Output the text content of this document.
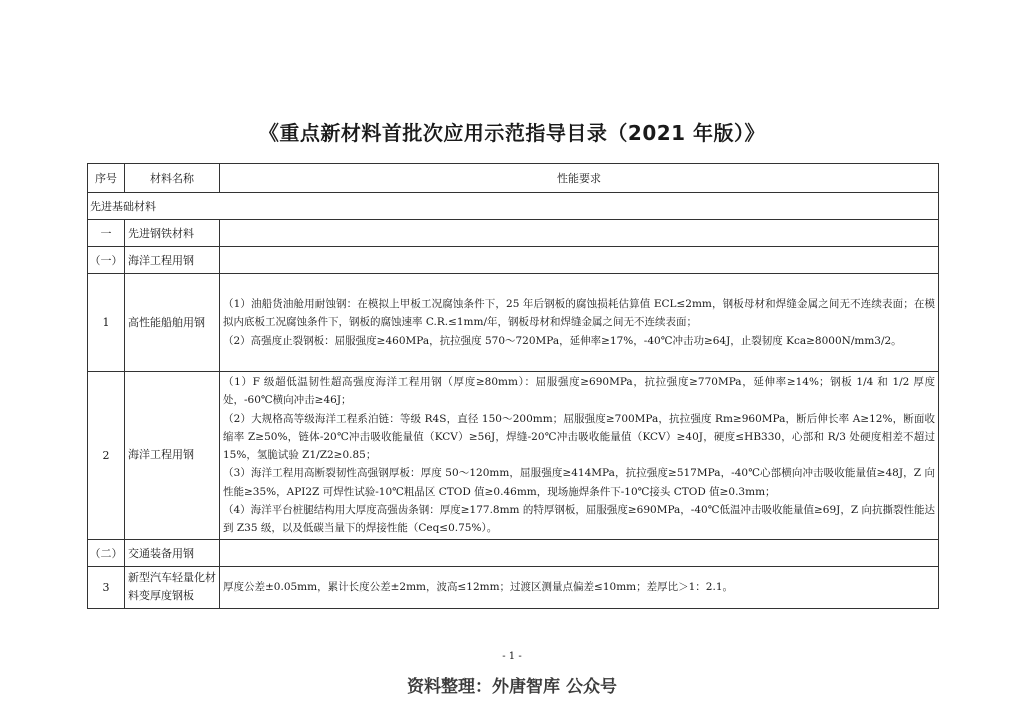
《重点新材料首批次应用示范指导目录（2021 年版）》
序号	材料名称	性能要求
先进基础材料		
一	先进钢铁材料	
（一）	海洋工程用钢	
1	高性能船舶用钢	（1）油船货油舱用耐蚀钢：在模拟上甲板工况腐蚀条件下，25 年后钢板的腐蚀损耗估算值 ECL≤2mm，钢板母材和焊缝金属之间无不连续表面；在模拟内底板工况腐蚀条件下，钢板的腐蚀速率 C.R.≤1mm/年，钢板母材和焊缝金属之间无不连续表面；
（2）高强度止裂钢板：屈服强度≥460MPa，抗拉强度 570～720MPa，延伸率≥17%，-40℃冲击功≥64J，止裂韧度 Kca≥8000N/mm3/2。

2	海洋工程用钢	（1）F 级超低温韧性超高强度海洋工程用钢（厚度≥80mm）：屈服强度≥690MPa，抗拉强度≥770MPa，延伸率≥14%；钢板 1/4 和 1/2 厚度处，-60℃横向冲击≥46J；
（2）大规格高等级海洋工程系泊链：等级 R4S，直径 150～200mm；屈服强度≥700MPa，抗拉强度 Rm≥960MPa，断后伸长率 A≥12%，断面收缩率 Z≥50%，链体-20℃冲击吸收能量值（KCV）≥56J，焊缝-20℃冲击吸收能量值（KCV）≥40J，硬度≤HB330，心部和 R/3 处硬度相差不超过 15%，氢脆试验 Z1/Z2≥0.85；
（3）海洋工程用高断裂韧性高强钢厚板：厚度 50～120mm，屈服强度≥414MPa，抗拉强度≥517MPa，-40℃心部横向冲击吸收能量值≥48J，Z 向性能≥35%，API2Z 可焊性试验-10℃粗晶区 CTOD 值≥0.46mm，现场施焊条件下-10℃接头 CTOD 值≥0.3mm；
（4）海洋平台桩腿结构用大厚度高强齿条钢：厚度≥177.8mm 的特厚钢板，屈服强度≥690MPa，-40℃低温冲击吸收能量值≥69J，Z 向抗撕裂性能达到 Z35 级，以及低碳当量下的焊接性能（Ceq≤0.75%）。

（二）	交通装备用钢	
3	新型汽车轻量化材料变厚度钢板	厚度公差±0.05mm，累计长度公差±2mm，波高≤12mm；过渡区测量点偏差≤10mm；差厚比＞1：2.1。
- 1 -
资料整理：外唐智库 公众号
